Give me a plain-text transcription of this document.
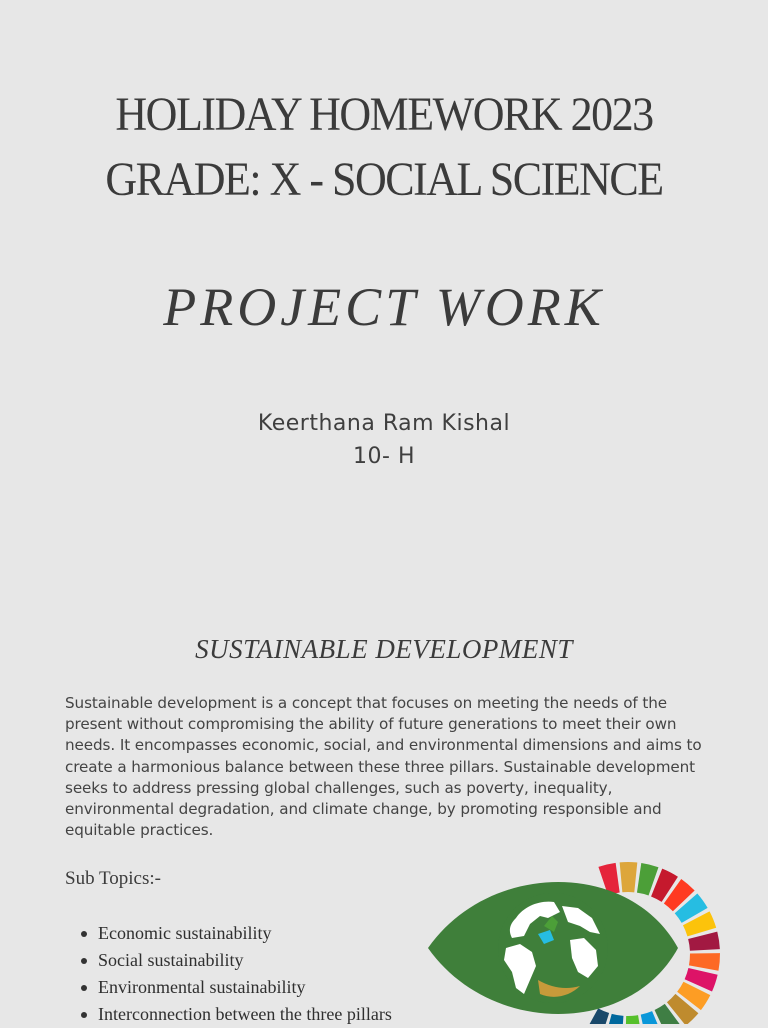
HOLIDAY HOMEWORK 2023
GRADE: X - SOCIAL SCIENCE
PROJECT WORK
Keerthana Ram Kishal
10- H
SUSTAINABLE DEVELOPMENT
Sustainable development is a concept that focuses on meeting the needs of the present without compromising the ability of future generations to meet their own needs. It encompasses economic, social, and environmental dimensions and aims to create a harmonious balance between these three pillars. Sustainable development seeks to address pressing global challenges, such as poverty, inequality, environmental degradation, and climate change, by promoting responsible and equitable practices.
Sub Topics:-
Economic sustainability
Social sustainability
Environmental sustainability
Interconnection between the three pillars
